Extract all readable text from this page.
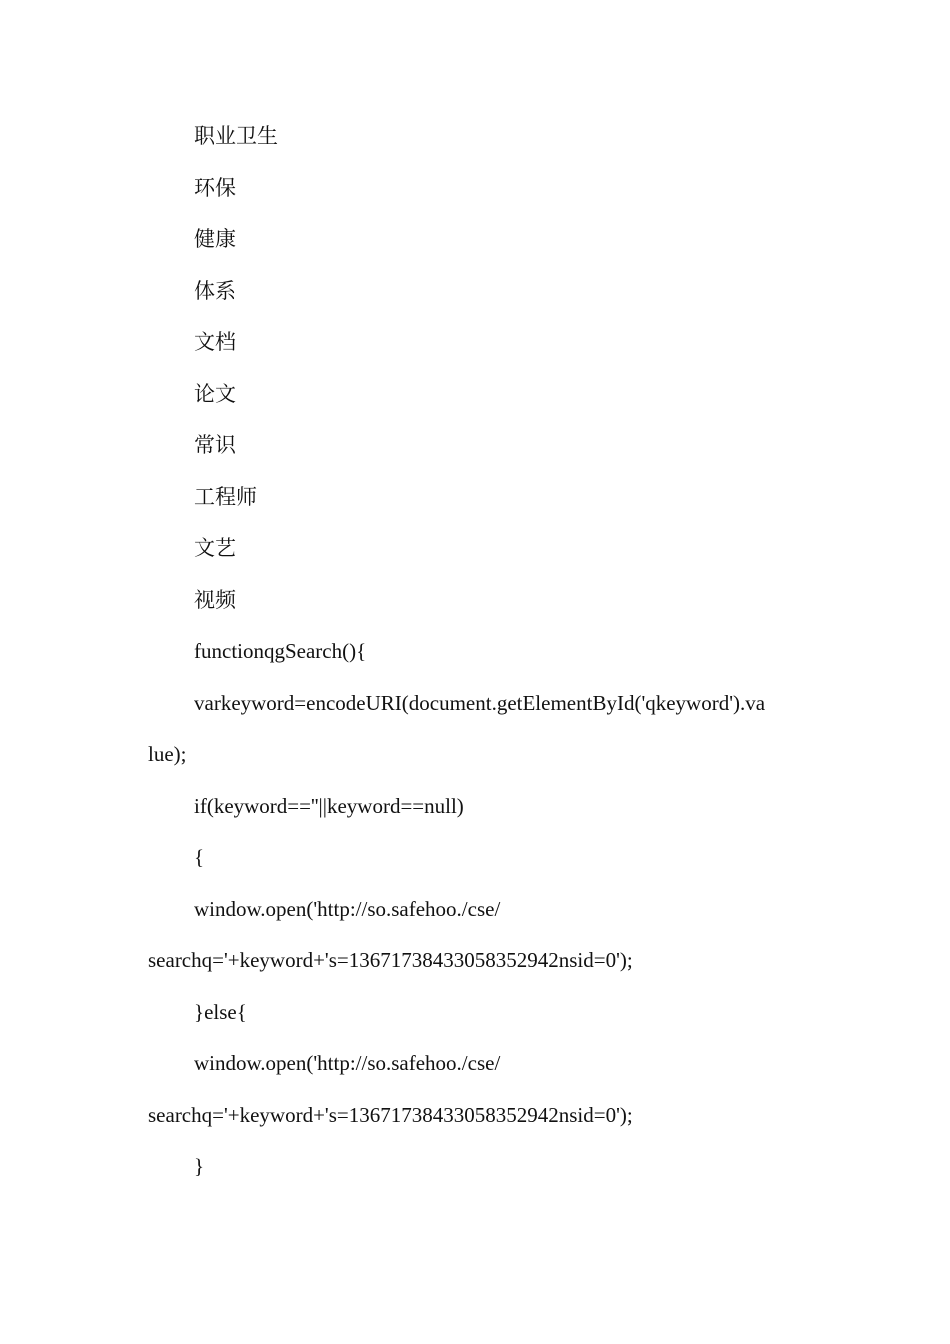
职业卫生
环保
健康
体系
文档
论文
常识
工程师
文艺
视频
functionqgSearch(){
varkeyword=encodeURI(document.getElementById('qkeyword').va
lue);
if(keyword==''||keyword==null)
{
window.open('http://so.safehoo./cse/
searchq='+keyword+'s=13671738433058352942nsid=0');
}else{
window.open('http://so.safehoo./cse/
searchq='+keyword+'s=13671738433058352942nsid=0');
}
